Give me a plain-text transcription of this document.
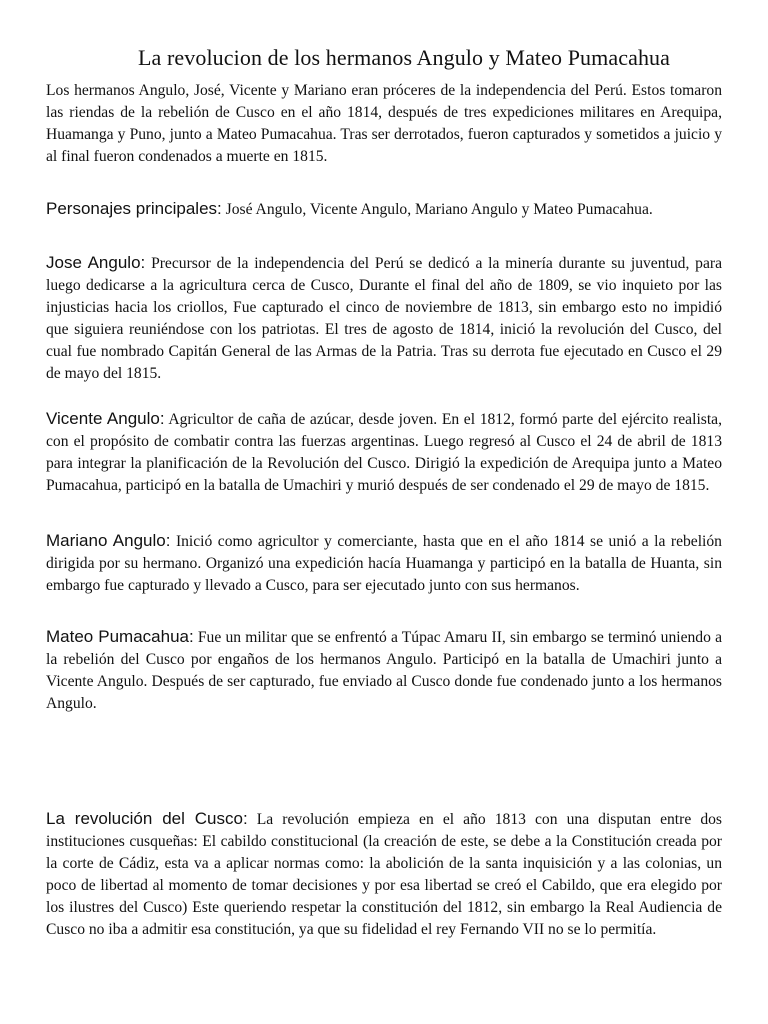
La revolucion de los hermanos Angulo y Mateo Pumacahua

Los hermanos Angulo, José, Vicente y Mariano eran próceres de la independencia del Perú. Estos tomaron las riendas de la rebelión de Cusco en el año 1814, después de tres expediciones militares en Arequipa, Huamanga y Puno, junto a Mateo Pumacahua. Tras ser derrotados, fueron capturados y sometidos a juicio y al final fueron condenados a muerte en 1815.

Personajes principales: José Angulo, Vicente Angulo, Mariano Angulo y Mateo Pumacahua.

Jose Angulo: Precursor de la independencia del Perú se dedicó a la minería durante su juventud, para luego dedicarse a la agricultura cerca de Cusco, Durante el final del año de 1809, se vio inquieto por las injusticias hacia los criollos, Fue capturado el cinco de noviembre de 1813, sin embargo esto no impidió que siguiera reuniéndose con los patriotas. El tres de agosto de 1814, inició la revolución del Cusco, del cual fue nombrado Capitán General de las Armas de la Patria. Tras su derrota fue ejecutado en Cusco el 29 de mayo del 1815.

Vicente Angulo: Agricultor de caña de azúcar, desde joven. En el 1812, formó parte del ejército realista, con el propósito de combatir contra las fuerzas argentinas. Luego regresó al Cusco el 24 de abril de 1813 para integrar la planificación de la Revolución del Cusco. Dirigió la expedición de Arequipa junto a Mateo Pumacahua, participó en la batalla de Umachiri y murió después de ser condenado el 29 de mayo de 1815.

Mariano Angulo: Inició como agricultor y comerciante, hasta que en el año 1814 se unió a la rebelión dirigida por su hermano. Organizó una expedición hacía Huamanga y participó en la batalla de Huanta, sin embargo fue capturado y llevado a Cusco, para ser ejecutado junto con sus hermanos.

Mateo Pumacahua: Fue un militar que se enfrentó a Túpac Amaru II, sin embargo se terminó uniendo a la rebelión del Cusco por engaños de los hermanos Angulo. Participó en la batalla de Umachiri junto a Vicente Angulo. Después de ser capturado, fue enviado al Cusco donde fue condenado junto a los hermanos Angulo.

La revolución del Cusco: La revolución empieza en el año 1813 con una disputan entre dos instituciones cusqueñas: El cabildo constitucional (la creación de este, se debe a la Constitución creada por la corte de Cádiz, esta va a aplicar normas como: la abolición de la santa inquisición y a las colonias, un poco de libertad al momento de tomar decisiones y por esa libertad se creó el Cabildo, que era elegido por los ilustres del Cusco) Este queriendo respetar la constitución del 1812, sin embargo la Real Audiencia de Cusco no iba a admitir esa constitución, ya que su fidelidad el rey Fernando VII no se lo permitía.
